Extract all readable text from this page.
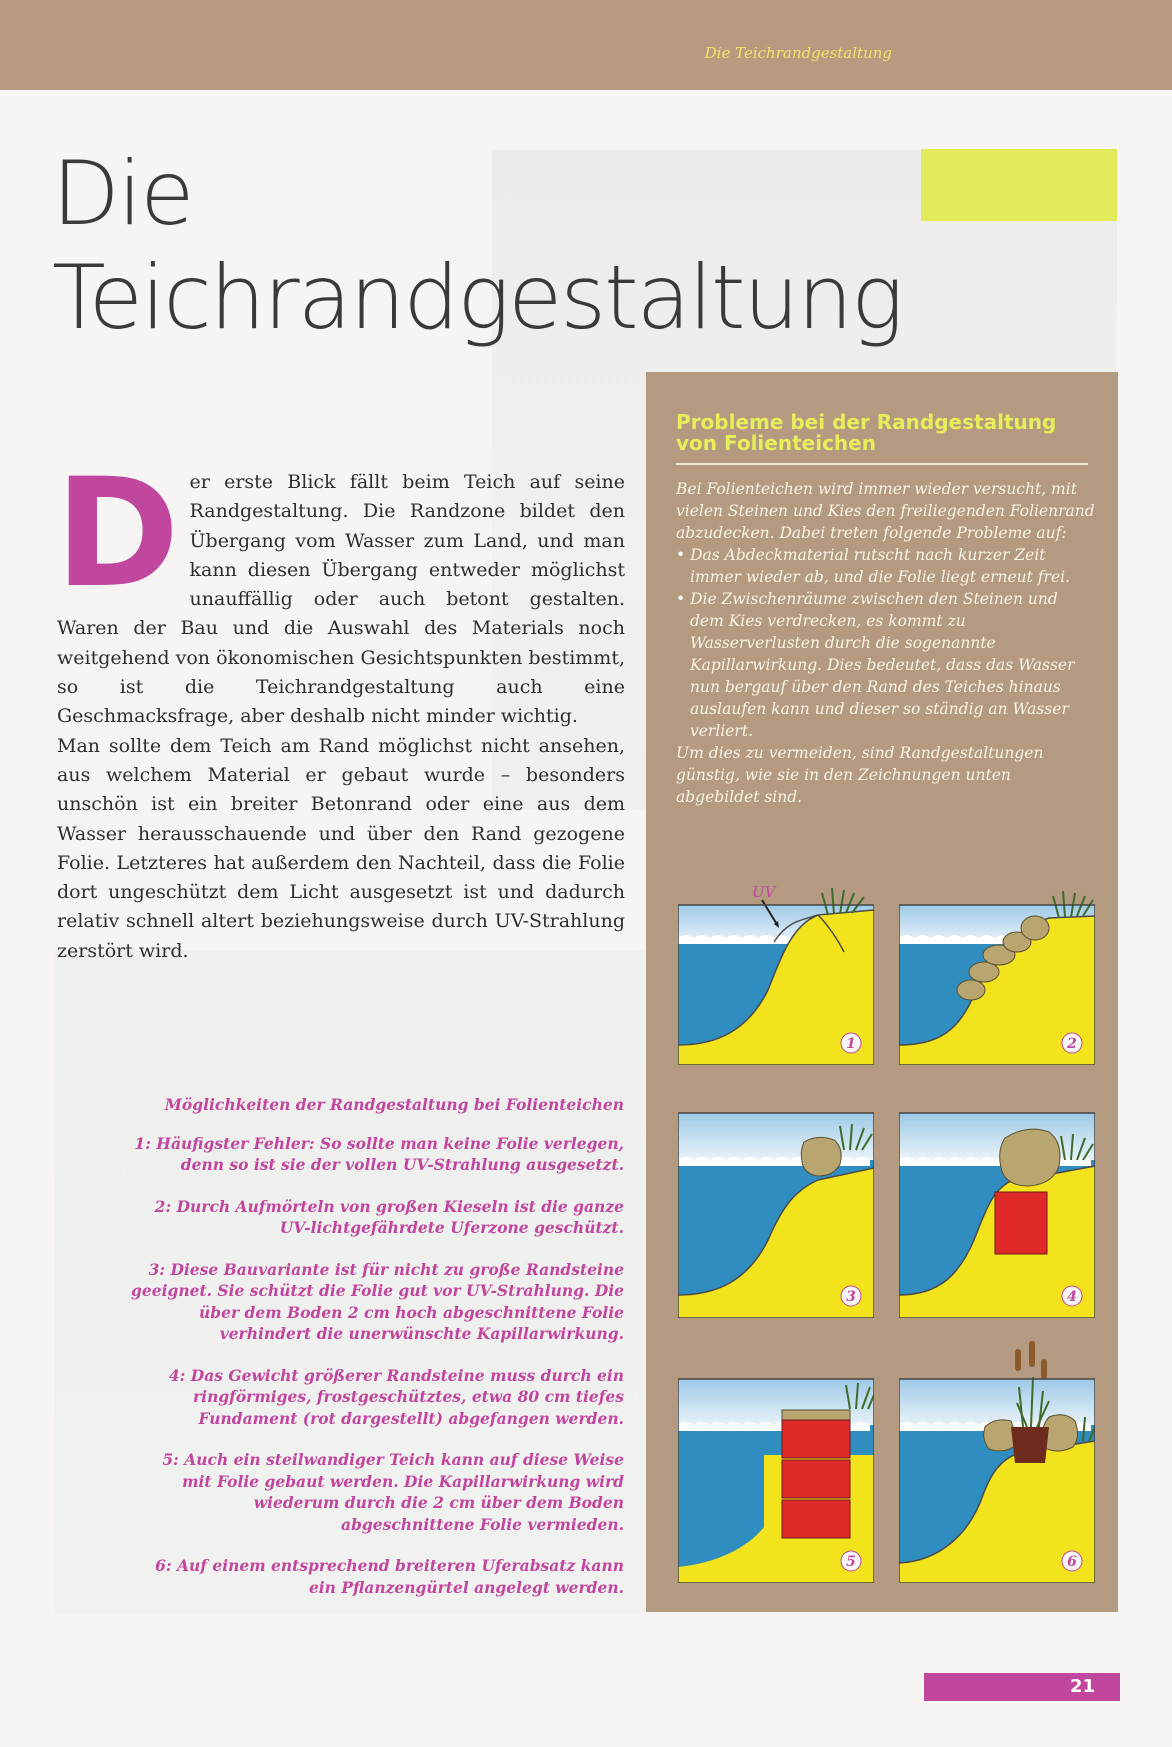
Die Teichrandgestaltung
Die
Teichrandgestaltung
D er erste Blick fällt beim Teich auf seine Randgestaltung. Die Randzone bildet den Übergang vom Wasser zum Land, und man kann diesen Übergang entweder möglichst unauffällig oder auch betont gestalten. Waren der Bau und die Auswahl des Materials noch weitgehend von ökonomischen Gesichtspunkten bestimmt, so ist die Teichrandgestaltung auch eine Geschmacksfrage, aber deshalb nicht minder wichtig.

Man sollte dem Teich am Rand möglichst nicht ansehen, aus welchem Material er gebaut wurde – besonders unschön ist ein breiter Betonrand oder eine aus dem Wasser herausschauende und über den Rand gezogene Folie. Letzteres hat außerdem den Nachteil, dass die Folie dort ungeschützt dem Licht ausgesetzt ist und dadurch relativ schnell altert beziehungsweise durch UV-Strahlung zerstört wird.

Probleme bei der Randgestaltung von Folienteichen

Bei Folienteichen wird immer wieder versucht, mit vielen Steinen und Kies den freiliegenden Folienrand abzudecken. Dabei treten folgende Probleme auf:

• Das Abdeckmaterial rutscht nach kurzer Zeit immer wieder ab, und die Folie liegt erneut frei.
• Die Zwischenräume zwischen den Steinen und dem Kies verdrecken, es kommt zu Wasserverlusten durch die sogenannte Kapillarwirkung. Dies bedeutet, dass das Wasser nun bergauf über den Rand des Teiches hinaus auslaufen kann und dieser so ständig an Wasser verliert.

Um dies zu vermeiden, sind Randgestaltungen günstig, wie sie in den Zeichnungen unten abgebildet sind.

UV
1	2
3	4
5	6

Möglichkeiten der Randgestaltung bei Folienteichen

1: Häufigster Fehler: So sollte man keine Folie verlegen, denn so ist sie der vollen UV-Strahlung ausgesetzt.

2: Durch Aufmörteln von großen Kieseln ist die ganze UV-lichtgefährdete Uferzone geschützt.

3: Diese Bauvariante ist für nicht zu große Randsteine geeignet. Sie schützt die Folie gut vor UV-Strahlung. Die über dem Boden 2 cm hoch abgeschnittene Folie verhindert die unerwünschte Kapillarwirkung.

4: Das Gewicht größerer Randsteine muss durch ein ringförmiges, frostgeschütztes, etwa 80 cm tiefes Fundament (rot dargestellt) abgefangen werden.

5: Auch ein steilwandiger Teich kann auf diese Weise mit Folie gebaut werden. Die Kapillarwirkung wird wiederum durch die 2 cm über dem Boden abgeschnittene Folie vermieden.

6: Auf einem entsprechend breiteren Uferabsatz kann ein Pflanzengürtel angelegt werden.

21
